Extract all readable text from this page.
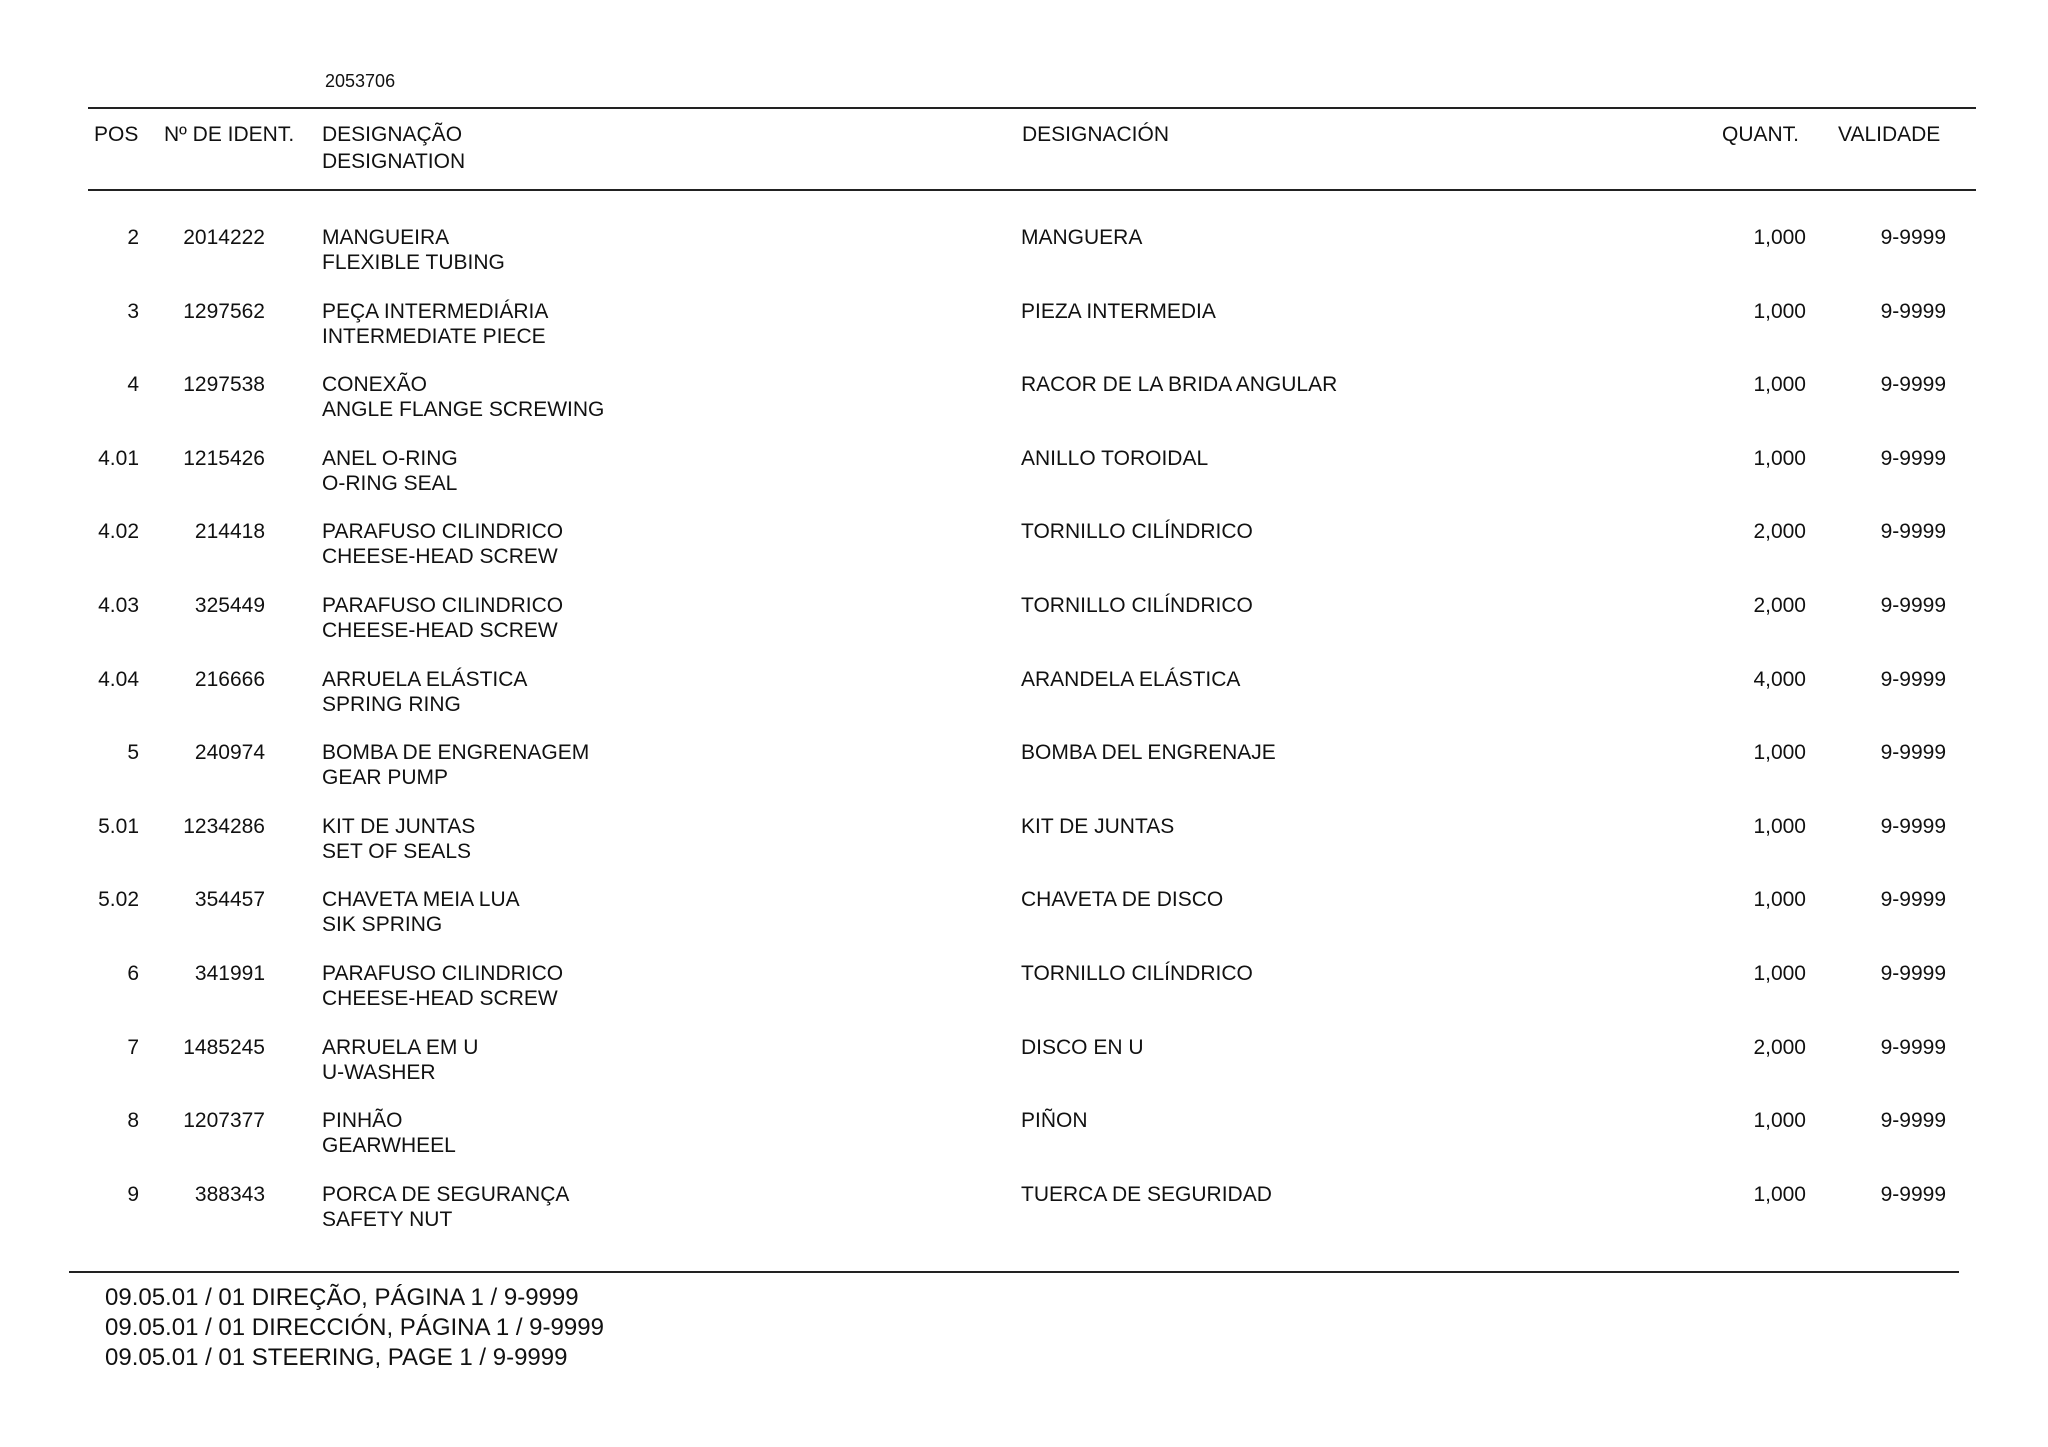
2053706
POS Nº DE IDENT. DESIGNAÇÃO
DESIGNATION
DESIGNACIÓN	QUANT. VALIDADE
2 2014222	MANGUEIRA
FLEXIBLE TUBING
MANGUERA	1,000	9-9999
3 1297562	PEÇA INTERMEDIÁRIA
INTERMEDIATE PIECE
PIEZA INTERMEDIA	1,000	9-9999
4 1297538	CONEXÃO
ANGLE FLANGE SCREWING
RACOR DE LA BRIDA ANGULAR	1,000	9-9999
4.01 1215426	ANEL O-RING
O-RING SEAL
ANILLO TOROIDAL	1,000	9-9999
4.02	214418	PARAFUSO CILINDRICO
CHEESE-HEAD SCREW
TORNILLO CILÍNDRICO	2,000	9-9999
4.03	325449	PARAFUSO CILINDRICO
CHEESE-HEAD SCREW
TORNILLO CILÍNDRICO	2,000	9-9999
4.04	216666	ARRUELA ELÁSTICA
SPRING RING
ARANDELA ELÁSTICA	4,000	9-9999
5	240974	BOMBA DE ENGRENAGEM
GEAR PUMP
BOMBA DEL ENGRENAJE	1,000	9-9999
5.01 1234286	KIT DE JUNTAS
SET OF SEALS
KIT DE JUNTAS	1,000	9-9999
5.02	354457	CHAVETA MEIA LUA
SIK SPRING
CHAVETA DE DISCO	1,000	9-9999
6	341991	PARAFUSO CILINDRICO
CHEESE-HEAD SCREW
TORNILLO CILÍNDRICO	1,000	9-9999
7 1485245	ARRUELA EM U
U-WASHER
DISCO EN U	2,000	9-9999
8 1207377	PINHÃO
GEARWHEEL
PIÑON	1,000	9-9999
9	388343	PORCA DE SEGURANÇA
SAFETY NUT
TUERCA DE SEGURIDAD	1,000	9-9999
09.05.01 / 01 DIREÇÃO, PÁGINA 1 / 9-9999
09.05.01 / 01 DIRECCIÓN, PÁGINA 1 / 9-9999
09.05.01 / 01 STEERING, PAGE 1 / 9-9999
